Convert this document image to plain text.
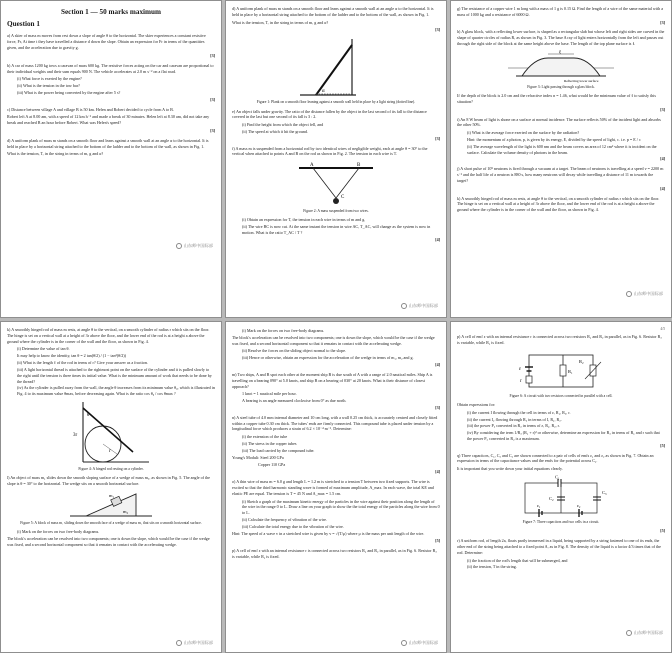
Section 1 — 50 marks maximum
Question 1
a) A skier of mass m moves from rest down a slope of angle θ to the horizontal. The skier experiences a constant resistive force, Fr, At time t they have travelled a distance d down the slope. Obtain an expression for Fr in terms of the quantities given, and the acceleration due to gravity g.
[3]
b) A car of mass 1200 kg tows a caravan of mass 600 kg. The resistive forces acting on the car and caravan are proportional to their individual weights and their sum equals 900 N. The vehicle accelerates at 2.0 m s⁻² on a flat road.
(i) What force is exerted by the engine?
(ii) What is the tension in the tow bar?
(iii) What is the power being converted by the engine after 5 s?
[3]
c) Distance between village A and village B is 50 km. Helen and Robert decided to cycle from A to B.
Robert left A at 8.00 am, with a speed of 12 km h⁻¹ and made a break of 30 minutes. Helen left at 8.30 am, did not take any break and reached B an hour before Robert. What was Helen's speed?
[3]
d) A uniform plank of mass m stands on a smooth floor and leans against a smooth wall at an angle α to the horizontal. It is held in place by a horizontal string attached to the bottom of the ladder and to the bottom of the wall, as shown in Fig. 1.
What is the tension, T, in the string in terms of m, g and α?
山东师中国际部
d) A uniform plank of mass m stands on a smooth floor and leans against a smooth wall at an angle α to the horizontal. It is held in place by a horizontal string attached to the bottom of the ladder and to the bottom of the wall, as shown in Fig. 1.
What is the tension, T, in the string in terms of m, g and α?
[3]
α
Figure 1: Plank on a smooth floor leaning against a smooth wall held in place by a light string (dotted line).
e) An object falls under gravity. The ratio of the distance fallen by the object in the last second of its fall to the distance covered in the last but one second of its fall is 3 : 2.
(i) Find the height from which the object fell, and
(ii) The speed at which it hit the ground.
[3]
f) A mass m is suspended from a horizontal rod by two identical wires of negligible weight, each at angle θ = 30° to the vertical when attached to points A and B on the rod as shown in Fig. 2. The tension in each wire is T.
A	B
C
Figure 2: A mass suspended from two wires.
(i) Obtain an expression for T, the tension in each wire in terms of m and g.
(ii) The wire BC is now cut. At the same instant the tension in wire AC, T_AC, will change as the system is now in motion. What is the ratio T_AC / T ?
[4]
山东师中国际部
g) The resistance of a copper wire 1 m long with a mass of 1 g is 0.15 Ω. Find the length of a wire of the same material with a mass of 1000 kg and a resistance of 6000 Ω.
[3]
h) A glass block, with a reflecting lower surface, is shaped as a rectangular slab but whose left and right sides are curved in the shape of quarter circles of radius R, as shown in Fig. 3. The base A ray of light enters horizontally from the left and passes out through the right side of the block at the same height above the base. The length of the top plane surface is ℓ.
ℓ
Reflecting lower surface
Figure 3: Light passing through a glass block.
If the depth of the block is 2.0 cm and the refractive index n = 1.46, what would be the minimum value of ℓ to satisfy this situation?
[3]
i) An 8 W beam of light is shone on a surface at normal incidence. The surface reflects 50% of the incident light and absorbs the other 50%.
(i) What is the average force exerted on the surface by the radiation?
Hint: the momentum of a photon, p, is given by its energy, E, divided by the speed of light, c. i.e. p = E / c
(ii) The average wavelength of the light is 600 nm and the beam covers an area of 12 cm² where it is incident on the surface. Calculate the volume density of photons in the beam.
[4]
j) A short pulse of 10⁹ neutrons is fired through a vacuum at a target. The beam of neutrons is travelling at a speed v = 2200 m s⁻¹ and the half life of a neutron is 880 s, how many neutrons will decay while travelling a distance of 11 m towards the target?
[4]
k) A smoothly hinged rod of mass m rests, at angle θ to the vertical, on a smooth cylinder of radius r which sits on the floor. The hinge is set on a vertical wall at a height of 3r above the floor, and the lower end of the rod is at a height a above the ground where the cylinder is in the corner of the wall and the floor, as shown in Fig. 4.
山东师中国际部
k) A smoothly hinged rod of mass m rests, at angle θ to the vertical, on a smooth cylinder of radius r which sits on the floor. The hinge is set on a vertical wall at a height of 3r above the floor, and the lower end of the rod is at a height a above the ground where the cylinder is in the corner of the wall and the floor, as shown in Fig. 4.
(i) Determine the value of tan θ.
It may help to know the identity, tan θ = 2 tan(θ/2) / (1 − tan²(θ/2))
(ii) What is the length ℓ of the rod in terms of r? Give your answer as a fraction.
(iii) A light horizontal thread is attached to the rightmost point on the surface of the cylinder and it is pulled slowly to the right until the tension is three times its initial value. What is the minimum amount of work that needs to be done by the thread?
(iv) As the cylinder is pulled away from the wall, the angle θ increases from its minimum value θ₀, which is illustrated in Fig. 4 to its maximum value θmax, before decreasing again. What is the ratio cos θ₀ / cos θmax ?
3r
θ
r
Figure 4: A hinged rod resting on a cylinder.
l) An object of mass m₁ slides down the smooth sloping surface of a wedge of mass m₂, as shown in Fig. 5. The angle of the slope is θ = 30° to the horizontal. The wedge sits on a smooth horizontal surface.
m₁
m₂
Figure 5: A block of mass m₁ sliding down the smooth face of a wedge of mass m₂ that sits on a smooth horizontal surface.
(i) Mark on the forces on two free-body diagrams.
The block's acceleration can be resolved into two components; one is down the slope, which would be the case if the wedge was fixed, and a second horizontal component so that it remains in contact with the accelerating wedge.
山东师中国际部
(i) Mark on the forces on two free-body diagrams.
The block's acceleration can be resolved into two components; one is down the slope, which would be the case if the wedge was fixed, and a second horizontal component so that it remains in contact with the accelerating wedge.
(ii) Resolve the forces on the sliding object normal to the slope.
(iii) Hence or otherwise, obtain an expression for the acceleration of the wedge in terms of m₁, m₂ and g.
[4]
m) Two ships, A and B spot each other at the moment ship B is due south of A with a range of 2.0 nautical miles. Ship A is travelling on a bearing 090° at 5.0 knots, and ship B on a bearing of 030° at 20 knots. What is their distance of closest approach?
1 knot = 1 nautical mile per hour.
A bearing is an angle measured clockwise from 0° as due north.
[3]
n) A steel tube of 4.0 mm internal diameter and 10 cm long, with a wall 0.25 cm thick, is accurately centred and closely fitted within a copper tube 0.30 cm thick. The tubes' ends are firmly connected. This compound tube is placed under tension by a longitudinal force which produces a strain of 6.2 × 10⁻⁴ m⁻¹. Determine:
(i) the extension of the tube
(ii) The stress in the copper tubes
(iii) The load carried by the compound tube.
Young's Moduli: Steel 200 GPa
Copper 110 GPa
[4]
o) A thin wire of mass m = 6.0 g and length L = 1.2 m is stretched to a tension T between two fixed supports. The wire is excited so that the third harmonic standing wave is formed of maximum amplitude, A_max. In each wave, the total KE and elastic PE are equal. The tension is T = 45 N and A_max = 1.5 cm.
(i) Sketch a graph of the maximum kinetic energy of the particles in the wire against their position along the length of the wire in the range 0 to L. Draw a line on your graph to show the the total energy of the particles along the wire from 0 to L.
(ii) Calculate the frequency of vibration of the wire.
(iii) Calculate the total energy due to the vibration of the wire.
Hint: The speed of a wave v in a stretched wire is given by v = √(T/μ) where μ is the mass per unit length of the wire.
[5]
p) A cell of emf ε with an internal resistance r is connected across two resistors R₁ and R₂ in parallel, as in Fig. 6. Resistor R₂ is variable, while R₁ is fixed.
山东师中国际部
4/5
p) A cell of emf ε with an internal resistance r is connected across two resistors R₁ and R₂ in parallel, as in Fig. 6. Resistor R₂ is variable, while R₁ is fixed.
ε
r
R₁
R₂
Figure 6: A circuit with two resistors connected in parallel with a cell.
Obtain expressions for:
(i) the current I flowing through the cell in terms of ε, R₁, R₂, r.
(ii) the current I₂ flowing through R₂ in terms of I, R₁, R₂.
(iii) the power P₂ converted in R₂ in terms of ε, R₁, R₂, r.
(iv) By considering the term 1/R₂ (R₁ + r)² or otherwise, determine an expression for R₂ in terms of R₁ and r such that the power P₂ converted in R₂ is a maximum.
[5]
q) Three capacitors, C₁, C₂ and C₃ are shown connected to a pair of cells of emfs ε₁ and ε₂ as shown in Fig. 7. Obtain an expression in terms of the capacitance values and the emfs for the potential across C₁.
It is important that you write down your initial equations clearly.
C₁
C₂
C₃
ε₁	ε₂
Figure 7: Three capacitors and two cells in a circuit.
[5]
r) A uniform rod, of length 2a, floats partly immersed in a liquid, being supported by a string fastened to one of its ends, the other end of the string being attached to a fixed point A, as in Fig. 8. The density of the liquid is a factor 4/3 times that of the rod. Determine:
(i) the fraction of the rod's length that will be submerged, and
(ii) the tension, T in the string.
山东师中国际部
